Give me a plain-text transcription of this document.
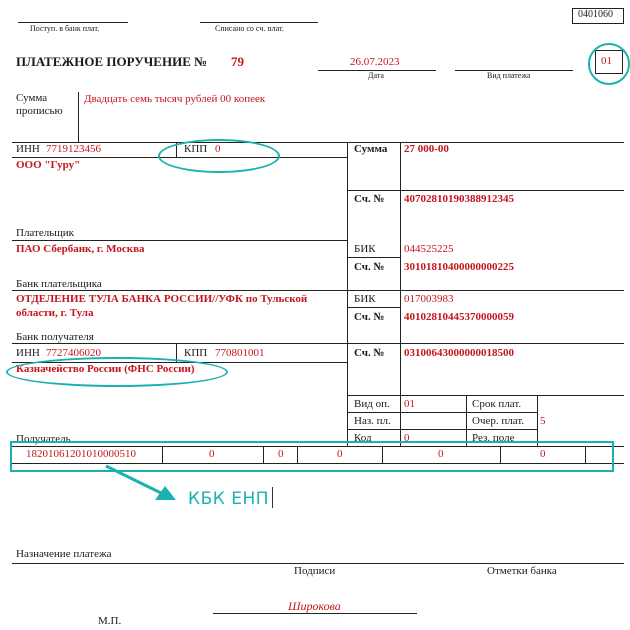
0401060
Поступ. в банк плат.	Списано со сч. плат.
ПЛАТЕЖНОЕ ПОРУЧЕНИЕ № 79	26.07.2023
Дата	Вид платежа
01
Сумма
прописью
Двадцать семь тысяч рублей 00 копеек
ИНН 7719123456	КПП 0
ООО "Гуру"
Плательщик
Сумма 27 000-00
Сч. № 40702810190388912345
ПАО Сбербанк, г. Москва
Банк плательщика
БИК	044525225
Сч. № 30101810400000000225
ОТДЕЛЕНИЕ ТУЛА БАНКА РОССИИ//УФК по Тульской
области, г. Тула
Банк получателя
БИК	017003983
Сч. № 40102810445370000059
ИНН 7727406020	КПП 770801001
Казначейство России (ФНС России)
Сч. № 03100643000000018500
Получатель
Вид оп. 01
Наз. пл.
Код	0
Срок плат.
Очер. плат. 5
Рез. поле
18201061201010000510	0	0	0	0	0
КБК ЕНП
Назначение платежа
Подписи	Отметки банка
Широкова
М.П.
